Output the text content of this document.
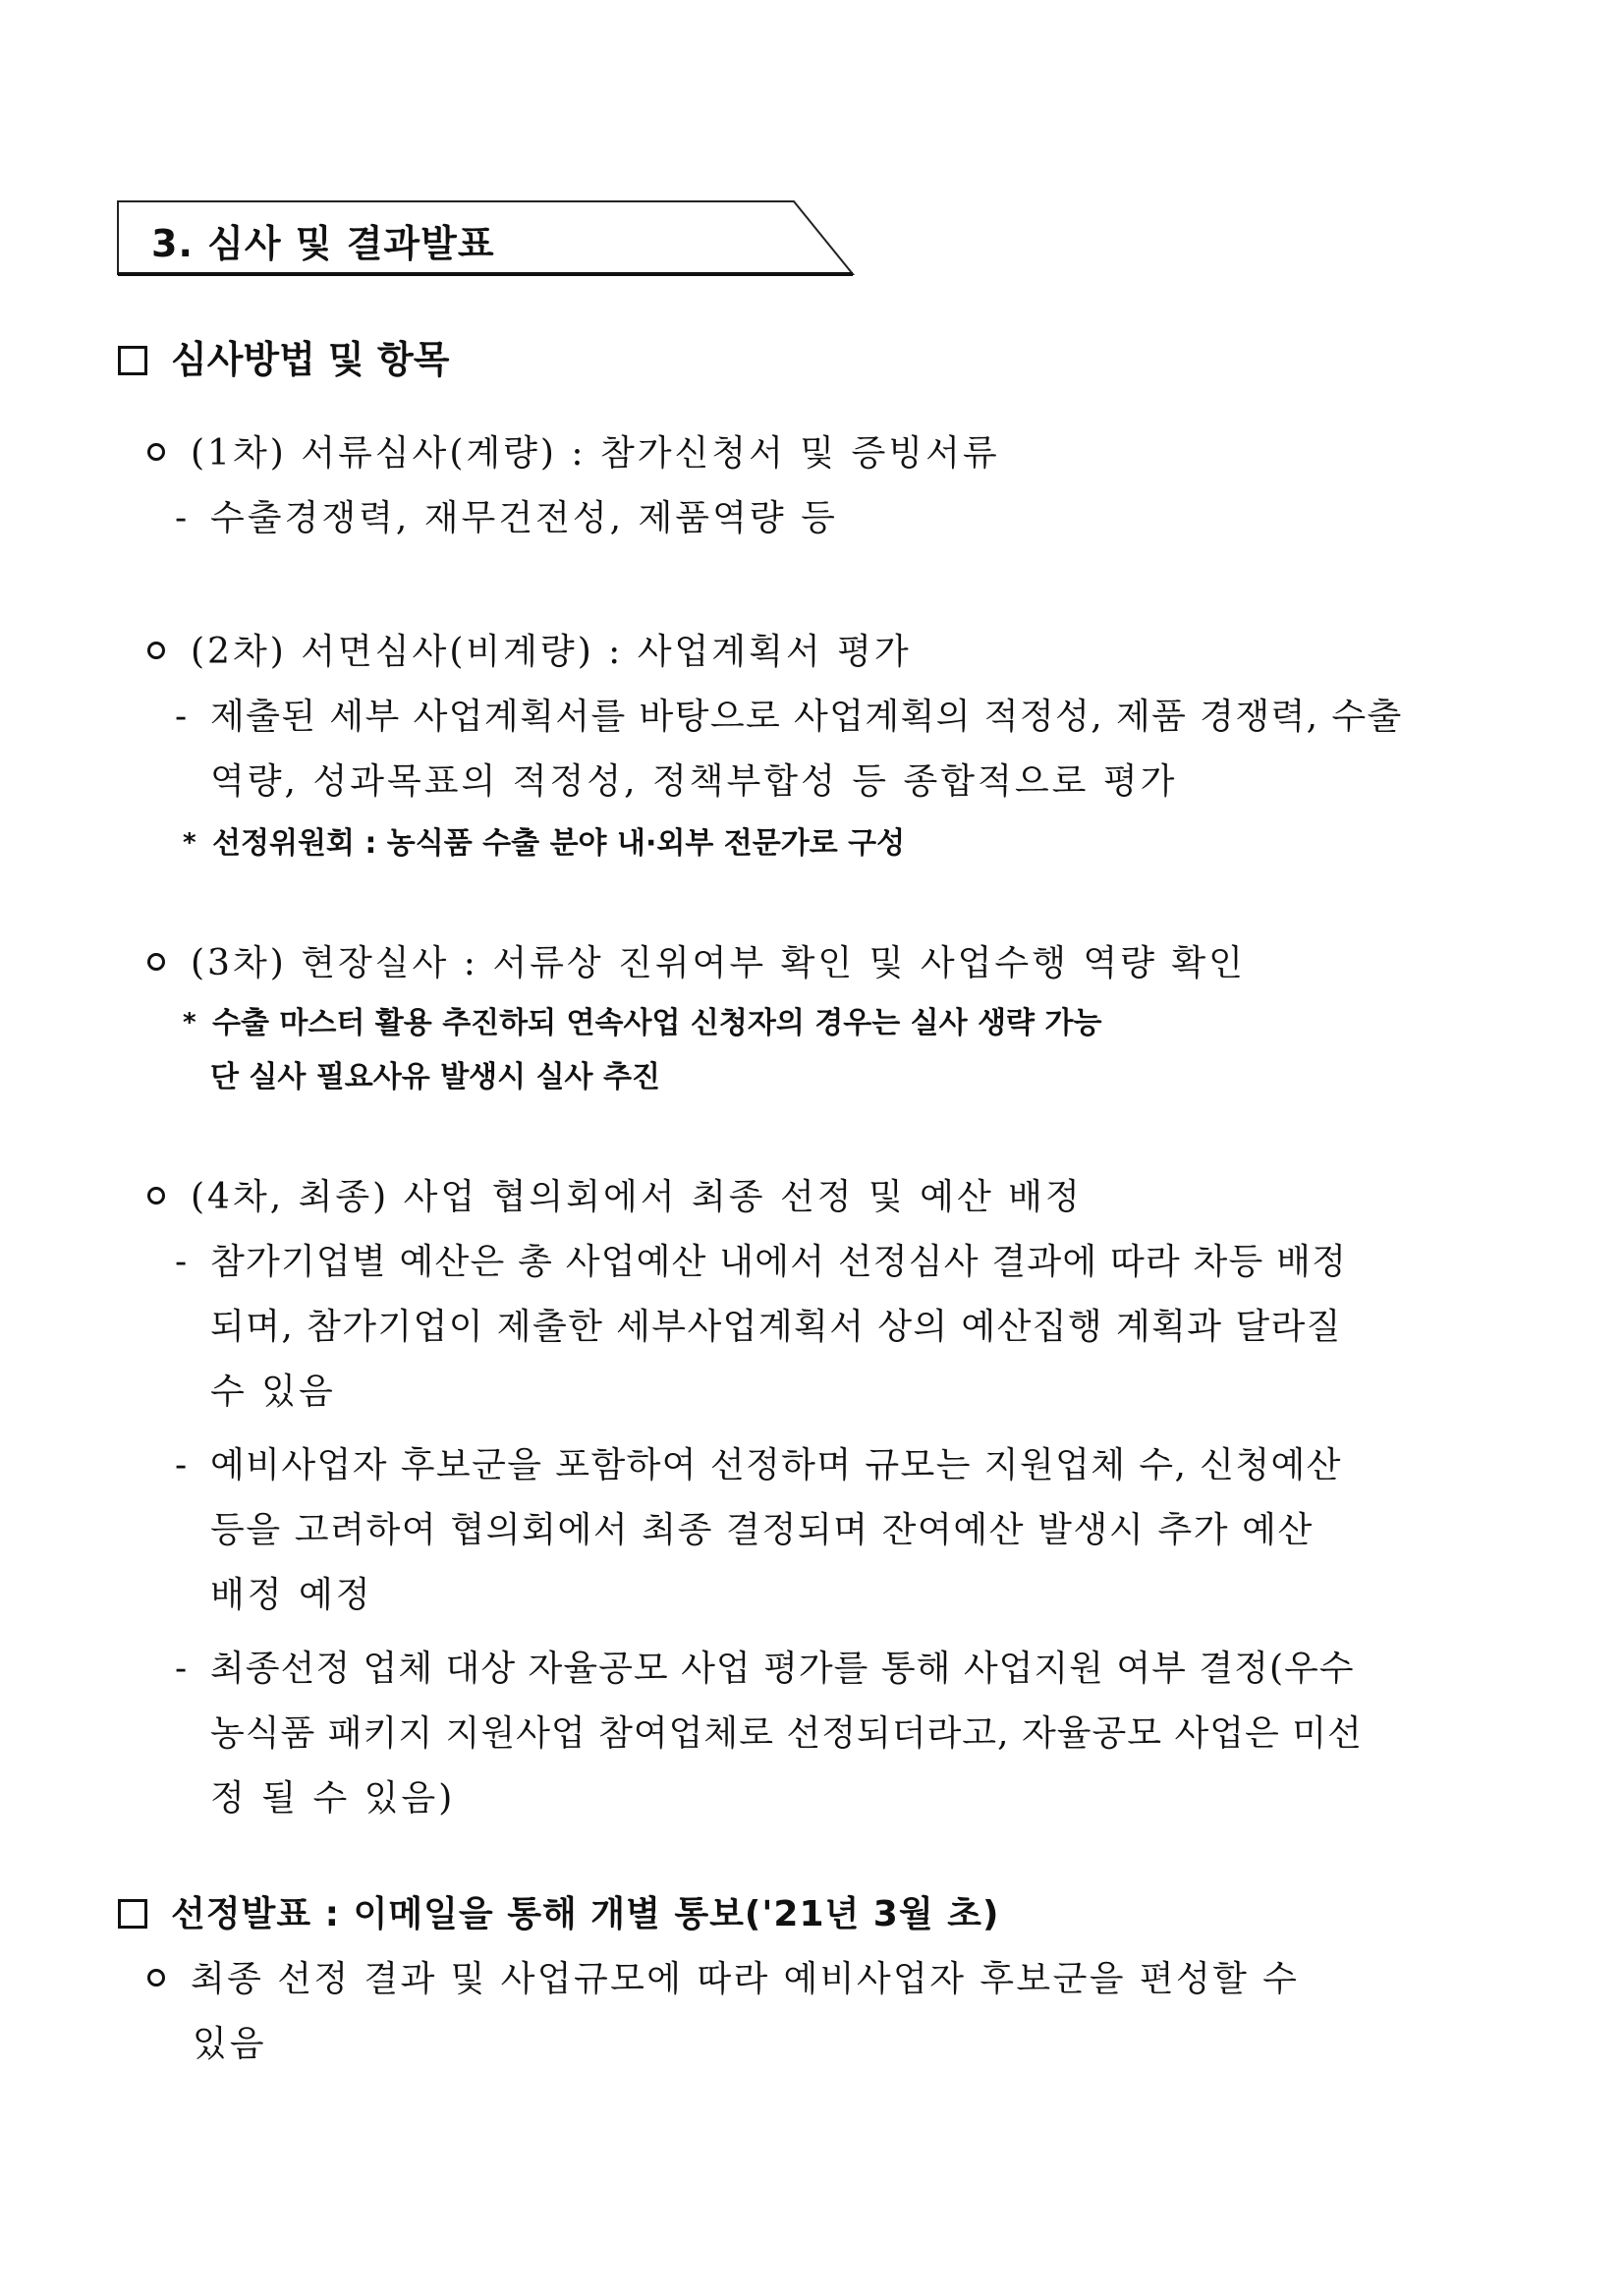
3. 심사 및 결과발표
심사방법 및 항목
(1차) 서류심사(계량) : 참가신청서 및 증빙서류
- 수출경쟁력, 재무건전성, 제품역량 등
(2차) 서면심사(비계량) : 사업계획서 평가
- 제출된 세부 사업계획서를 바탕으로 사업계획의 적정성, 제품 경쟁력, 수출
역량, 성과목표의 적정성, 정책부합성 등 종합적으로 평가
* 선정위원회 : 농식품 수출 분야 내·외부 전문가로 구성
(3차) 현장실사 : 서류상 진위여부 확인 및 사업수행 역량 확인
* 수출 마스터 활용 추진하되 연속사업 신청자의 경우는 실사 생략 가능
단 실사 필요사유 발생시 실사 추진
(4차, 최종) 사업 협의회에서 최종 선정 및 예산 배정
- 참가기업별 예산은 총 사업예산 내에서 선정심사 결과에 따라 차등 배정
되며, 참가기업이 제출한 세부사업계획서 상의 예산집행 계획과 달라질
수 있음
- 예비사업자 후보군을 포함하여 선정하며 규모는 지원업체 수, 신청예산
등을 고려하여 협의회에서 최종 결정되며 잔여예산 발생시 추가 예산
배정 예정
- 최종선정 업체 대상 자율공모 사업 평가를 통해 사업지원 여부 결정(우수
농식품 패키지 지원사업 참여업체로 선정되더라고, 자율공모 사업은 미선
정 될 수 있음)
선정발표 : 이메일을 통해 개별 통보('21년 3월 초)
최종 선정 결과 및 사업규모에 따라 예비사업자 후보군을 편성할 수
있음
